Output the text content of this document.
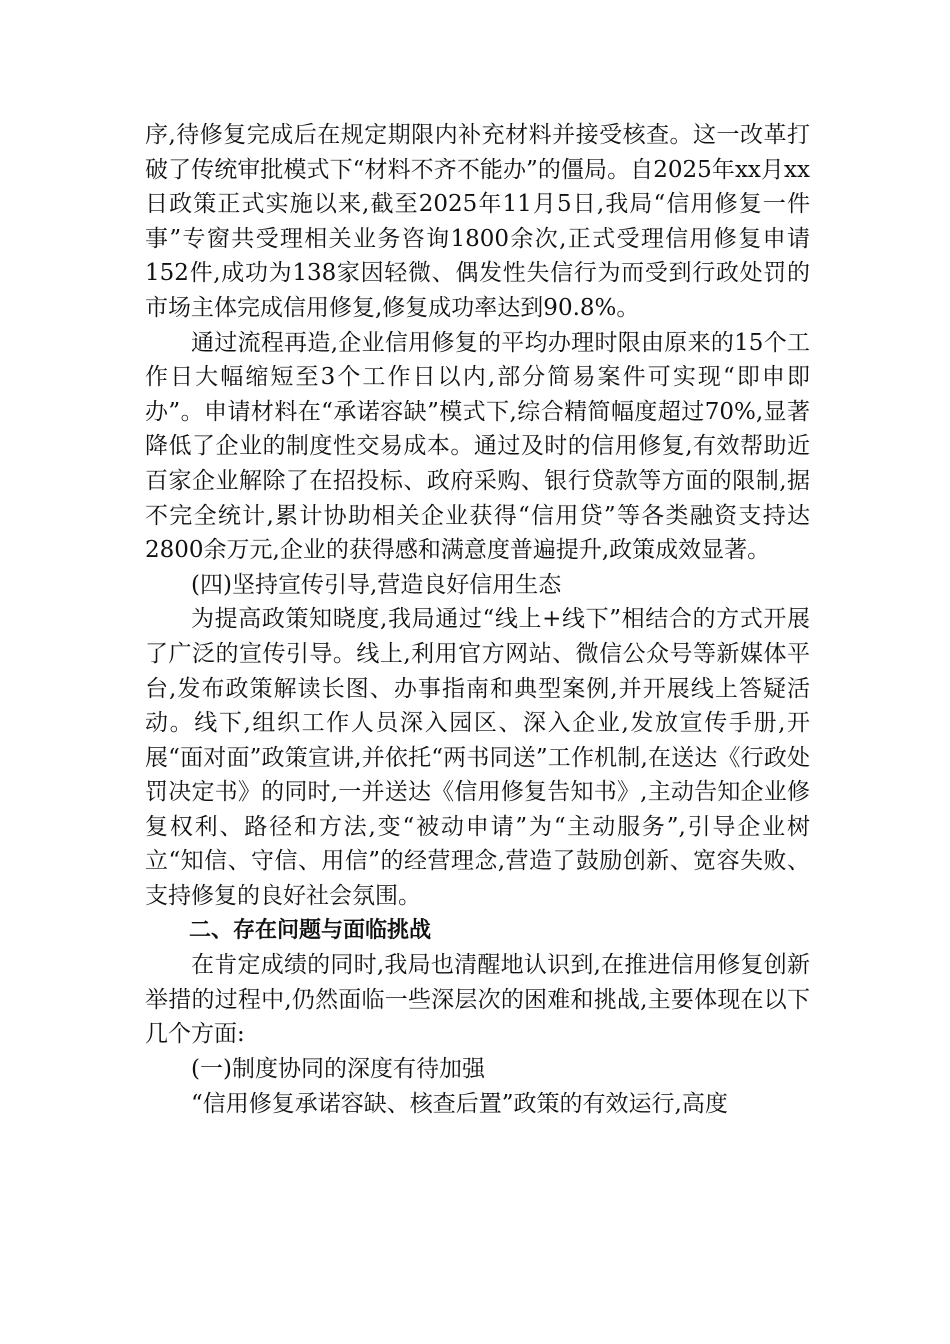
序,待修复完成后在规定期限内补充材料并接受核查。这一改革打破了传统审批模式下“材料不齐不能办”的僵局。自2025年xx月xx日政策正式实施以来,截至2025年11月5日,我局“信用修复一件事”专窗共受理相关业务咨询1800余次,正式受理信用修复申请152件,成功为138家因轻微、偶发性失信行为而受到行政处罚的市场主体完成信用修复,修复成功率达到90.8%。

通过流程再造,企业信用修复的平均办理时限由原来的15个工作日大幅缩短至3个工作日以内,部分简易案件可实现“即申即办”。申请材料在“承诺容缺”模式下,综合精简幅度超过70%,显著降低了企业的制度性交易成本。通过及时的信用修复,有效帮助近百家企业解除了在招投标、政府采购、银行贷款等方面的限制,据不完全统计,累计协助相关企业获得“信用贷”等各类融资支持达2800余万元,企业的获得感和满意度普遍提升,政策成效显著。

(四)坚持宣传引导,营造良好信用生态

为提高政策知晓度,我局通过“线上+线下”相结合的方式开展了广泛的宣传引导。线上,利用官方网站、微信公众号等新媒体平台,发布政策解读长图、办事指南和典型案例,并开展线上答疑活动。线下,组织工作人员深入园区、深入企业,发放宣传手册,开展“面对面”政策宣讲,并依托“两书同送”工作机制,在送达《行政处罚决定书》的同时,一并送达《信用修复告知书》,主动告知企业修复权利、路径和方法,变“被动申请”为“主动服务”,引导企业树立“知信、守信、用信”的经营理念,营造了鼓励创新、宽容失败、支持修复的良好社会氛围。

二、存在问题与面临挑战

在肯定成绩的同时,我局也清醒地认识到,在推进信用修复创新举措的过程中,仍然面临一些深层次的困难和挑战,主要体现在以下几个方面:

(一)制度协同的深度有待加强

“信用修复承诺容缺、核查后置”政策的有效运行,高度
